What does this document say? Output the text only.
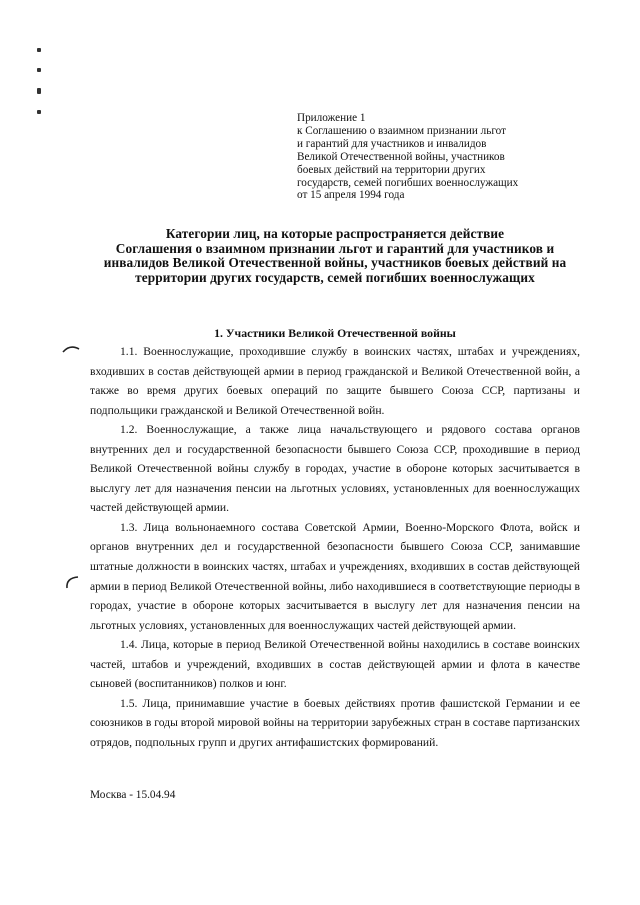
Приложение 1
к Соглашению о взаимном признании льгот
и гарантий для участников и инвалидов
Великой Отечественной войны, участников
боевых действий на территории других
государств, семей погибших военнослужащих
от 15 апреля 1994 года
Категории лиц, на которые распространяется действие
Соглашения о взаимном признании льгот и гарантий для участников и
инвалидов Великой Отечественной войны, участников боевых действий на
территории других государств, семей погибших военнослужащих
1. Участники Великой Отечественной войны

1.1. Военнослужащие, проходившие службу в воинских частях, штабах и учреждениях, входивших в состав действующей армии в период гражданской и Великой Отечественной войн, а также во время других боевых операций по защите бывшего Союза ССР, партизаны и подпольщики гражданской и Великой Отечественной войн.

1.2. Военнослужащие, а также лица начальствующего и рядового состава органов внутренних дел и государственной безопасности бывшего Союза ССР, проходившие в период Великой Отечественной войны службу в городах, участие в обороне которых засчитывается в выслугу лет для назначения пенсии на льготных условиях, установленных для военнослужащих частей действующей армии.

1.3. Лица вольнонаемного состава Советской Армии, Военно-Морского Флота, войск и органов внутренних дел и государственной безопасности бывшего Союза ССР, занимавшие штатные должности в воинских частях, штабах и учреждениях, входивших в состав действующей армии в период Великой Отечественной войны, либо находившиеся в соответствующие периоды в городах, участие в обороне которых засчитывается в выслугу лет для назначения пенсии на льготных условиях, установленных для военнослужащих частей действующей армии.

1.4. Лица, которые в период Великой Отечественной войны находились в составе воинских частей, штабов и учреждений, входивших в состав действующей армии и флота в качестве сыновей (воспитанников) полков и юнг.

1.5. Лица, принимавшие участие в боевых действиях против фашистской Германии и ее союзников в годы второй мировой войны на территории зарубежных стран в составе партизанских отрядов, подпольных групп и других антифашистских формирований.

Москва - 15.04.94
